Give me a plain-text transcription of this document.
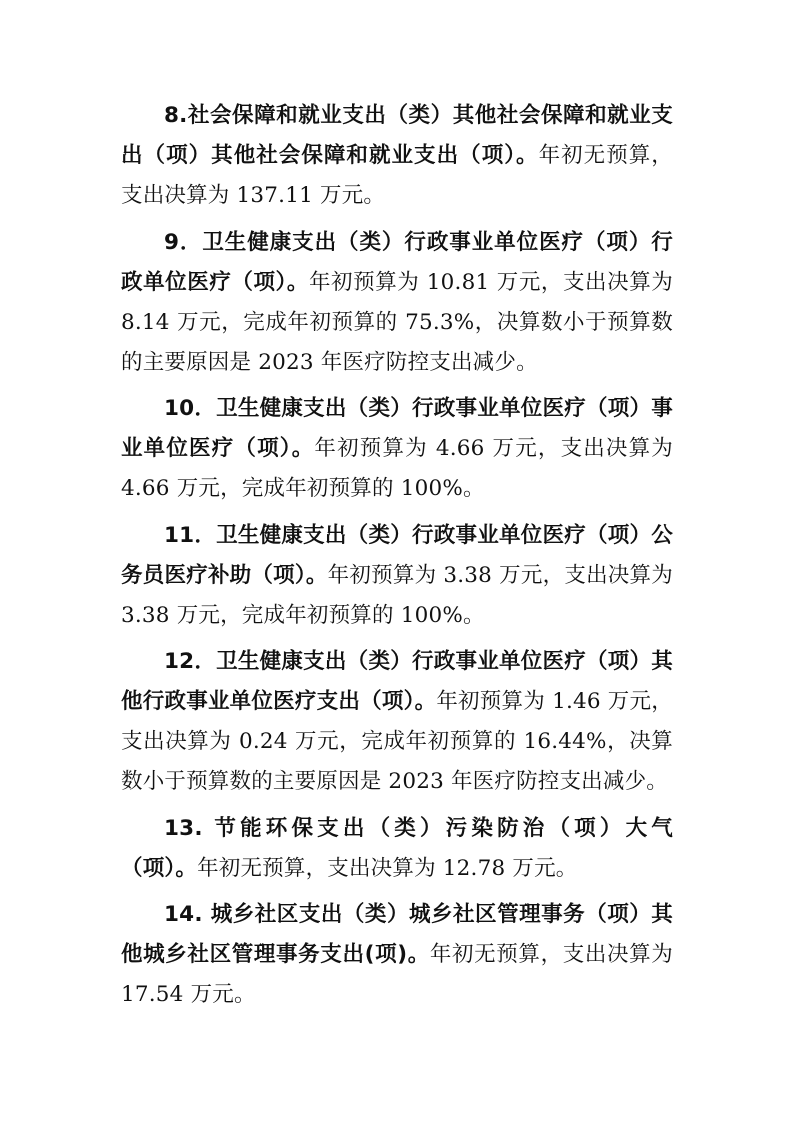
8.社会保障和就业支出（类）其他社会保障和就业支出（项）其他社会保障和就业支出（项）。年初无预算，支出决算为 137.11 万元。

9．卫生健康支出（类）行政事业单位医疗（项）行政单位医疗（项）。年初预算为 10.81 万元，支出决算为 8.14 万元，完成年初预算的 75.3%，决算数小于预算数的主要原因是 2023 年医疗防控支出减少。

10．卫生健康支出（类）行政事业单位医疗（项）事业单位医疗（项）。年初预算为 4.66 万元，支出决算为 4.66 万元，完成年初预算的 100%。

11．卫生健康支出（类）行政事业单位医疗（项）公务员医疗补助（项）。年初预算为 3.38 万元，支出决算为 3.38 万元，完成年初预算的 100%。

12．卫生健康支出（类）行政事业单位医疗（项）其他行政事业单位医疗支出（项）。年初预算为 1.46 万元，支出决算为 0.24 万元，完成年初预算的 16.44%，决算数小于预算数的主要原因是 2023 年医疗防控支出减少。

13. 节能环保支出（类）污染防治（项）大气（项）。年初无预算，支出决算为 12.78 万元。

14. 城乡社区支出（类）城乡社区管理事务（项）其他城乡社区管理事务支出(项)。年初无预算，支出决算为 17.54 万元。
